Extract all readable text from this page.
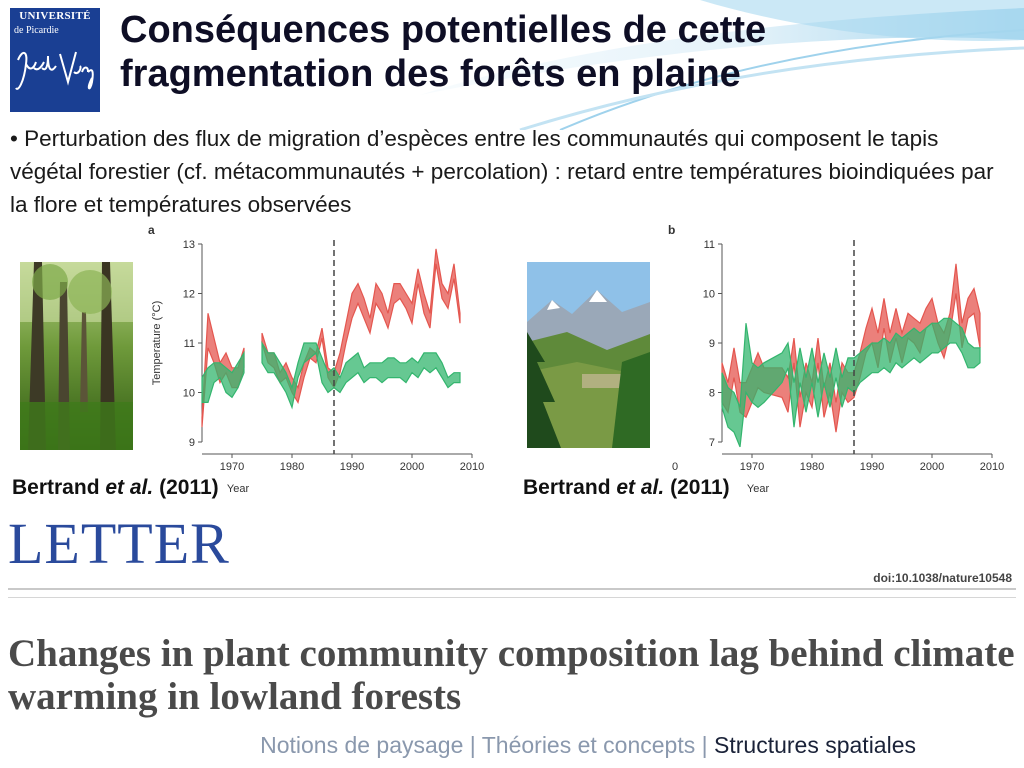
UNIVERSITÉ
de Picardie Conséquences potentielles de cette fragmentation des forêts en plaine

• Perturbation des flux de migration d’espèces entre les communautés qui composent le tapis végétal forestier (cf. métacommunautés + percolation) : retard entre températures bioindiquées par la flore et températures observées

a
9
10
11
12
13
1970	1980	1990	2000	2010
Year
Temperature (°C)
b
7
8
9
10
11
1970	1980	1990	2000	2010
0
Year
Bertrand et al. (2011)	Bertrand et al. (2011)
LETTER
doi:10.1038/nature10548
Changes in plant community composition lag behind climate warming in lowland forests
Notions de paysage | Théories et concepts | Structures spatiales
